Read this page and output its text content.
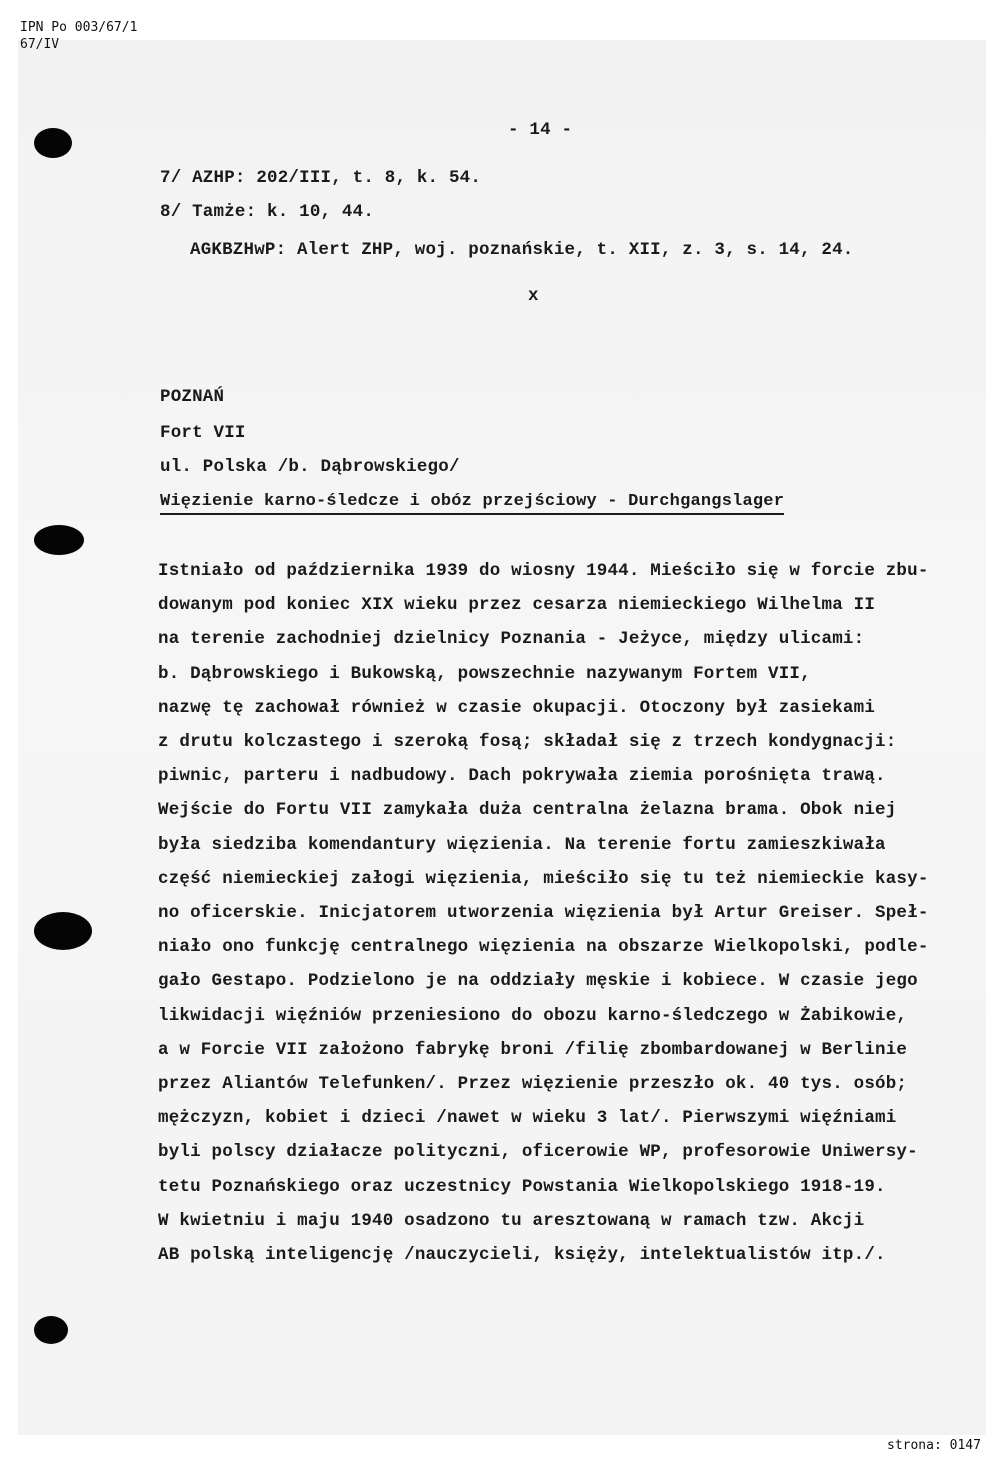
IPN Po 003/67/1
67/IV
- 14 -
7/ AZHP: 202/III, t. 8, k. 54.
8/ Tamże: k. 10, 44.
AGKBZHwP: Alert ZHP, woj. poznańskie, t. XII, z. 3, s. 14, 24.
x
POZNAŃ
Fort VII
ul. Polska /b. Dąbrowskiego/
Więzienie karno-śledcze i obóz przejściowy - Durchgangslager
Istniało od października 1939 do wiosny 1944. Mieściło się w forcie zbu-
dowanym pod koniec XIX wieku przez cesarza niemieckiego Wilhelma II
na terenie zachodniej dzielnicy Poznania - Jeżyce, między ulicami:
b. Dąbrowskiego i Bukowską, powszechnie nazywanym Fortem VII,
nazwę tę zachował również w czasie okupacji. Otoczony był zasiekami
z drutu kolczastego i szeroką fosą; składał się z trzech kondygnacji:
piwnic, parteru i nadbudowy. Dach pokrywała ziemia porośnięta trawą.
Wejście do Fortu VII zamykała duża centralna żelazna brama. Obok niej
była siedziba komendantury więzienia. Na terenie fortu zamieszkiwała
część niemieckiej załogi więzienia, mieściło się tu też niemieckie kasy-
no oficerskie. Inicjatorem utworzenia więzienia był Artur Greiser. Speł-
niało ono funkcję centralnego więzienia na obszarze Wielkopolski, podle-
gało Gestapo. Podzielono je na oddziały męskie i kobiece. W czasie jego
likwidacji więźniów przeniesiono do obozu karno-śledczego w Żabikowie,
a w Forcie VII założono fabrykę broni /filię zbombardowanej w Berlinie
przez Aliantów Telefunken/. Przez więzienie przeszło ok. 40 tys. osób;
mężczyzn, kobiet i dzieci /nawet w wieku 3 lat/. Pierwszymi więźniami
byli polscy działacze polityczni, oficerowie WP, profesorowie Uniwersy-
tetu Poznańskiego oraz uczestnicy Powstania Wielkopolskiego 1918-19.
W kwietniu i maju 1940 osadzono tu aresztowaną w ramach tzw. Akcji
AB polską inteligencję /nauczycieli, księży, intelektualistów itp./.
strona: 0147
